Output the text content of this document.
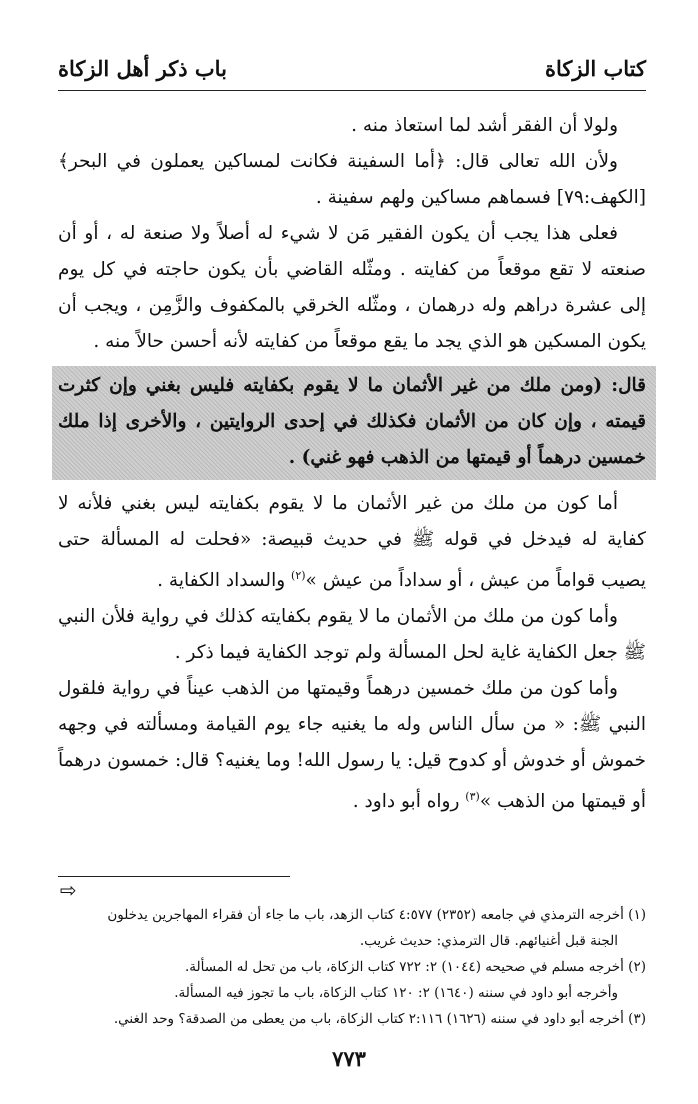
كتاب الزكاة
باب ذكر أهل الزكاة

ولولا أن الفقر أشد لما استعاذ منه .

ولأن الله تعالى قال: ﴿أما السفينة فكانت لمساكين يعملون في البحر﴾[الكهف:٧٩] فسماهم مساكين ولهم سفينة .

فعلى هذا يجب أن يكون الفقير مَن لا شيء له أصلاً ولا صنعة له ، أو أن صنعته لا تقع موقعاً من كفايته . ومثّله القاضي بأن يكون حاجته في كل يوم إلى عشرة دراهم وله درهمان ، ومثّله الخرقي بالمكفوف والزَّمِن ، ويجب أن يكون المسكين هو الذي يجد ما يقع موقعاً من كفايته لأنه أحسن حالاً منه .

قال: (ومن ملك من غير الأثمان ما لا يقوم بكفايته فليس بغني وإن كثرت قيمته ، وإن كان من الأثمان فكذلك في إحدى الروايتين ، والأخرى إذا ملك خمسين درهماً أو قيمتها من الذهب فهو غني) .

أما كون من ملك من غير الأثمان ما لا يقوم بكفايته ليس بغني فلأنه لا كفاية له فيدخل في قوله ﷺ في حديث قبيصة: «فحلت له المسألة حتى يصيب قواماً من عيش ، أو سداداً من عيش »$^{(٢)}$ والسداد الكفاية .

وأما كون من ملك من الأثمان ما لا يقوم بكفايته كذلك في رواية فلأن النبي ﷺ جعل الكفاية غاية لحل المسألة ولم توجد الكفاية فيما ذكر .

وأما كون من ملك خمسين درهماً وقيمتها من الذهب عيناً في رواية فلقول النبي ﷺ: « من سأل الناس وله ما يغنيه جاء يوم القيامة ومسألته في وجهه خموش أو خدوش أو كدوح قيل: يا رسول الله! وما يغنيه؟ قال: خمسون درهماً أو قيمتها من الذهب »$^{(٣)}$ رواه أبو داود .

⇨

(١) أخرجه الترمذي في جامعه (٢٣٥٢) ٤:٥٧٧ كتاب الزهد، باب ما جاء أن فقراء المهاجرين يدخلون

الجنة قبل أغنيائهم. قال الترمذي: حديث غريب.

(٢) أخرجه مسلم في صحيحه (١٠٤٤) ٢: ٧٢٢ كتاب الزكاة، باب من تحل له المسألة.

وأخرجه أبو داود في سننه (١٦٤٠) ٢: ١٢٠ كتاب الزكاة، باب ما تجوز فيه المسألة.

(٣) أخرجه أبو داود في سننه (١٦٢٦) ٢:١١٦ كتاب الزكاة، باب من يعطى من الصدقة؟ وحد الغني.

٧٧٣
